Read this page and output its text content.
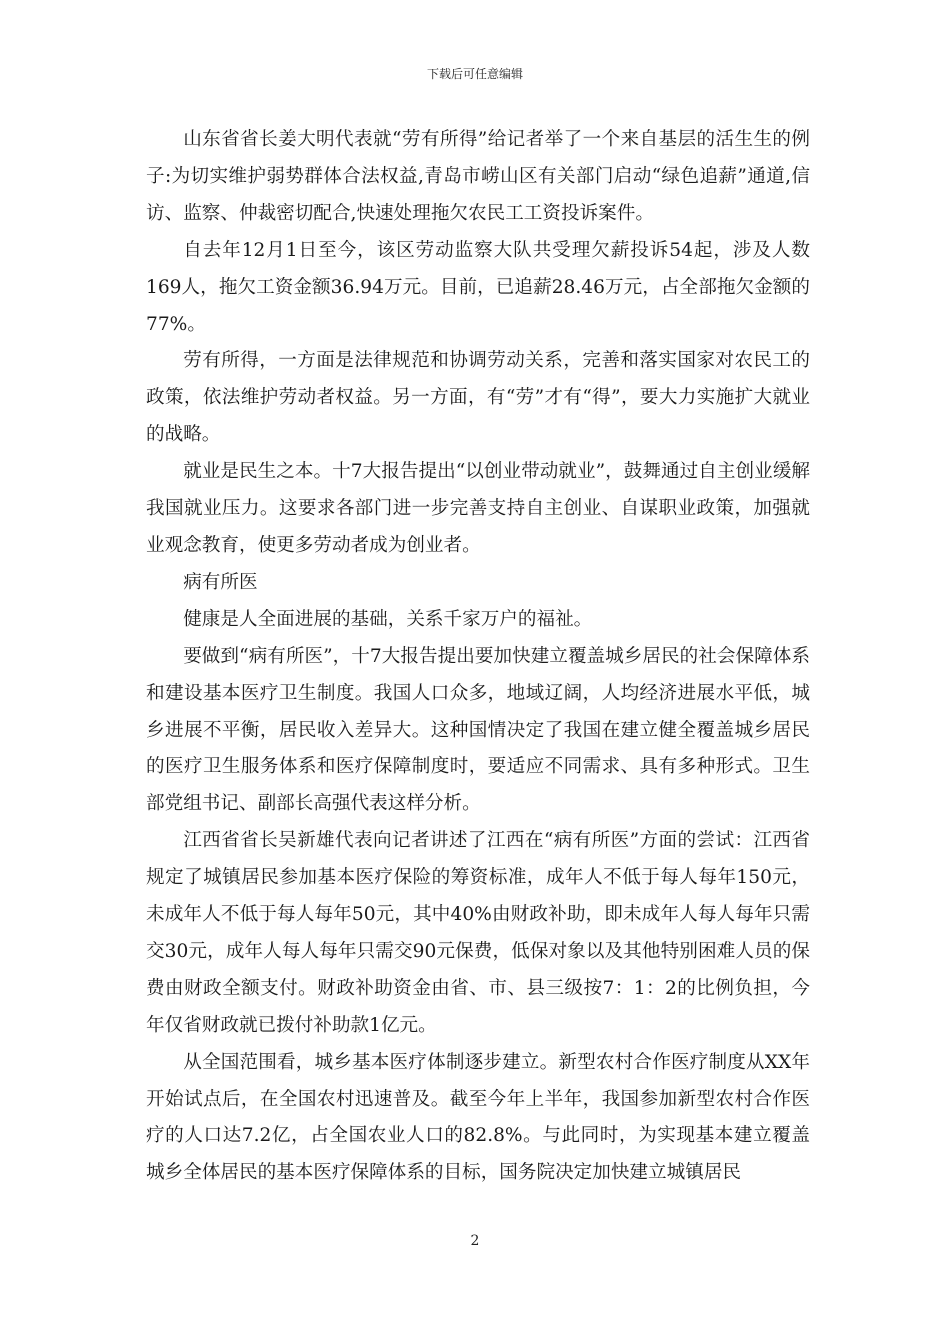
下载后可任意编辑

山东省省长姜大明代表就“劳有所得”给记者举了一个来自基层的活生生的例子:为切实维护弱势群体合法权益,青岛市崂山区有关部门启动“绿色追薪”通道,信访、监察、仲裁密切配合,快速处理拖欠农民工工资投诉案件。

自去年12月1日至今，该区劳动监察大队共受理欠薪投诉54起，涉及人数169人，拖欠工资金额36.94万元。目前，已追薪28.46万元，占全部拖欠金额的77%。

劳有所得，一方面是法律规范和协调劳动关系，完善和落实国家对农民工的政策，依法维护劳动者权益。另一方面，有“劳”才有“得”，要大力实施扩大就业的战略。

就业是民生之本。十7大报告提出“以创业带动就业”，鼓舞通过自主创业缓解我国就业压力。这要求各部门进一步完善支持自主创业、自谋职业政策，加强就业观念教育，使更多劳动者成为创业者。

病有所医

健康是人全面进展的基础，关系千家万户的福祉。

要做到“病有所医”，十7大报告提出要加快建立覆盖城乡居民的社会保障体系和建设基本医疗卫生制度。我国人口众多，地域辽阔，人均经济进展水平低，城乡进展不平衡，居民收入差异大。这种国情决定了我国在建立健全覆盖城乡居民的医疗卫生服务体系和医疗保障制度时，要适应不同需求、具有多种形式。卫生部党组书记、副部长高强代表这样分析。

江西省省长吴新雄代表向记者讲述了江西在“病有所医”方面的尝试：江西省规定了城镇居民参加基本医疗保险的筹资标准，成年人不低于每人每年150元，未成年人不低于每人每年50元，其中40%由财政补助，即未成年人每人每年只需交30元，成年人每人每年只需交90元保费，低保对象以及其他特别困难人员的保费由财政全额支付。财政补助资金由省、市、县三级按7：1：2的比例负担，今年仅省财政就已拨付补助款1亿元。

从全国范围看，城乡基本医疗体制逐步建立。新型农村合作医疗制度从XX年开始试点后，在全国农村迅速普及。截至今年上半年，我国参加新型农村合作医疗的人口达7.2亿，占全国农业人口的82.8%。与此同时，为实现基本建立覆盖城乡全体居民的基本医疗保障体系的目标，国务院决定加快建立城镇居民

2
